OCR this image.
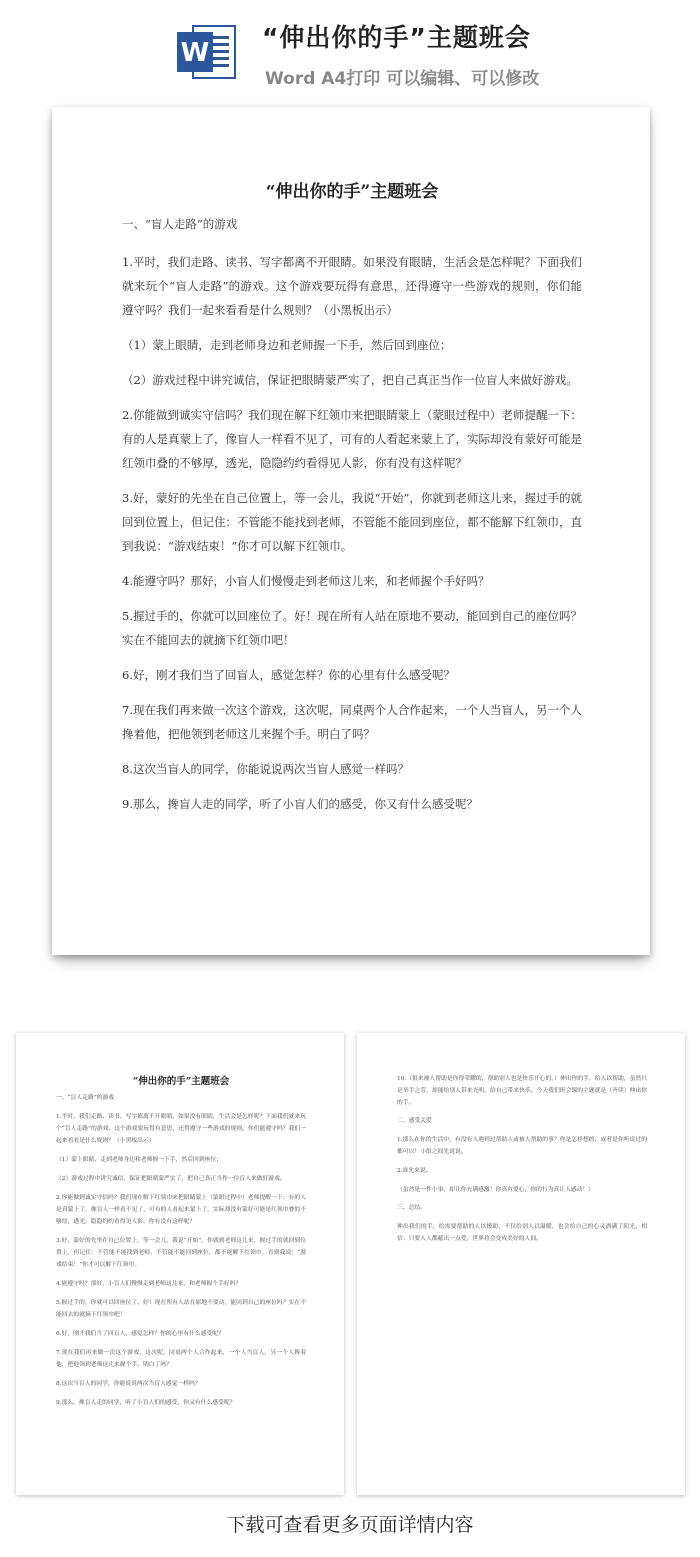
W
“伸出你的手”主题班会
Word A4打印 可以编辑、可以修改
“伸出你的手”主题班会
一、“盲人走路”的游戏
1.平时，我们走路、读书、写字都离不开眼睛。如果没有眼睛，生活会是怎样呢？下面我们就来玩个“盲人走路”的游戏。这个游戏要玩得有意思，还得遵守一些游戏的规则，你们能遵守吗？我们一起来看看是什么规则？（小黑板出示）
（1）蒙上眼睛，走到老师身边和老师握一下手，然后回到座位；
（2）游戏过程中讲究诚信，保证把眼睛蒙严实了，把自己真正当作一位盲人来做好游戏。
2.你能做到诚实守信吗？我们现在解下红领巾来把眼睛蒙上（蒙眼过程中）老师提醒一下：有的人是真蒙上了，像盲人一样看不见了，可有的人看起来蒙上了，实际却没有蒙好可能是红领巾叠的不够厚，透光，隐隐约约看得见人影，你有没有这样呢？
3.好，蒙好的先坐在自己位置上，等一会儿，我说“开始”，你就到老师这儿来，握过手的就回到位置上，但记住：不管能不能找到老师，不管能不能回到座位，都不能解下红领巾，直到我说：“游戏结束！”你才可以解下红领巾。
4.能遵守吗？那好，小盲人们慢慢走到老师这儿来，和老师握个手好吗？
5.握过手的，你就可以回座位了。好！现在所有人站在原地不要动，能回到自己的座位吗？实在不能回去的就摘下红领巾吧！
6.好，刚才我们当了回盲人，感觉怎样？你的心里有什么感受呢？
7.现在我们再来做一次这个游戏，这次呢，同桌两个人合作起来，一个人当盲人，另一个人搀着他，把他领到老师这儿来握个手。明白了吗？
8.这次当盲人的同学，你能说说两次当盲人感觉一样吗？
9.那么，搀盲人走的同学，听了小盲人们的感受，你又有什么感受呢？
“伸出你的手”主题班会
一、“盲人走路”的游戏
1.平时，我们走路、读书、写字都离不开眼睛。如果没有眼睛，生活会是怎样呢？下面我们就来玩个“盲人走路”的游戏。这个游戏要玩得有意思，还得遵守一些游戏的规则，你们能遵守吗？我们一起来看看是什么规则？（小黑板出示）
（1）蒙上眼睛，走到老师身边和老师握一下手，然后回到座位；
（2）游戏过程中讲究诚信，保证把眼睛蒙严实了，把自己真正当作一位盲人来做好游戏。
2.你能做到诚实守信吗？我们现在解下红领巾来把眼睛蒙上（蒙眼过程中）老师提醒一下：有的人是真蒙上了，像盲人一样看不见了，可有的人看起来蒙上了，实际却没有蒙好可能是红领巾叠的不够厚，透光，隐隐约约看得见人影，你有没有这样呢？
3.好，蒙好的先坐在自己位置上，等一会儿，我说“开始”，你就到老师这儿来，握过手的就回到位置上，但记住：不管能不能找到老师，不管能不能回到座位，都不能解下红领巾，直到我说：“游戏结束！”你才可以解下红领巾。
4.能遵守吗？那好，小盲人们慢慢走到老师这儿来，和老师握个手好吗？
5.握过手的，你就可以回座位了。好！现在所有人站在原地不要动，能回到自己的座位吗？实在不能回去的就摘下红领巾吧！
6.好，刚才我们当了回盲人，感觉怎样？你的心里有什么感受呢？
7.现在我们再来做一次这个游戏，这次呢，同桌两个人合作起来，一个人当盲人，另一个人搀着他，把他领到老师这儿来握个手。明白了吗？
8.这次当盲人的同学，你能说说两次当盲人感觉一样吗？
9.那么，搀盲人走的同学，听了小盲人们的感受，你又有什么感受呢？
10.（很来被人帮助是你得荣耀的，帮助别人也是快乐开心的。）伸出你的手，给人以帮助，虽然只是举手之劳，却能给别人带来光明，给自己带来快乐。今天我们班会课的主题就是（齐读）伸出你的手。
二、感受关爱
1.那么在你的生活中，有没有人遇到过帮助人或被人帮助的事？你是怎样想的，或者是你听说过的都可以！小组之间先说说。
2.谁先来说。
（虽然是一件小事，却让你充满感激！你真有爱心，你的行为真让人感动！）
三、总结。
伸出我们的手，给需要帮助的人以援助，不仅给别人以温暖，也会给自己的心灵洒满了阳光。相信：只要人人都献出一点爱，世界将会变成美好的人间。
下载可查看更多页面详情内容
